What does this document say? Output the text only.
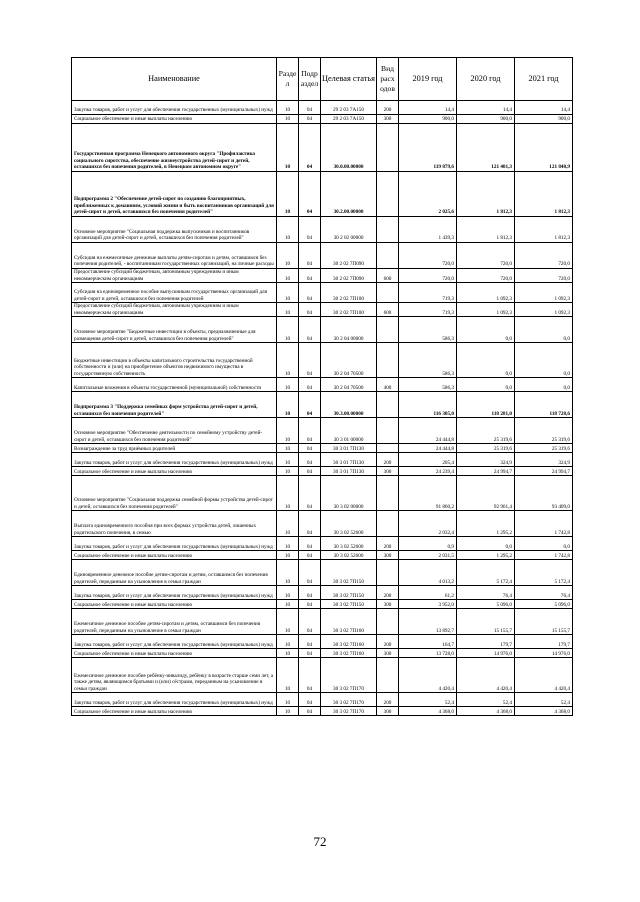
Наименование	Разде л	Подр аздел	Целевая статья	Вид расх одов	2019 год	2020 год	2021 год
Закупка товаров, работ и услуг для обеспечения государственных (муниципальных) нужд	10	04	29 2 03 7А150	200	14,4	14,4	14,4
Социальное обеспечение и иные выплаты населению	10	04	29 2 03 7А150	300	900,0	900,0	900,0
Государственная программа Ненецкого автономного округа "Профилактика социального сиротства, обеспечение жизнеустройства детей-сирот и детей, оставшихся без попечения родителей, в Ненецком автономном округе"	10	04	30.0.00.00000		119 879,6	121 401,3	121 848,9
Подпрограмма 2 "Обеспечение детей-сирот по созданию благоприятных, приближенных к домашним, условий жизни и быть воспитанников организаций для детей-сирот и детей, оставшихся без попечения родителей"	10	04	30.2.00.00000		2 025,6	1 812,3	1 812,3
Основное мероприятие "Социальная поддержка выпускников и воспитанников организаций для детей-сирот и детей, оставшихся без попечения родителей"	10	04	30 2 02 00000		1 439,3	1 812,3	1 812,3
Субсидия на ежемесячные денежные выплаты детям-сиротам и детям, оставшимся без попечения родителей, - воспитанникам государственных организаций, на личные расходы	10	04	30 2 02 7П090		720,0	720,0	720,0
Предоставление субсидий бюджетным, автономным учреждениям и иным некоммерческим организациям	10	04	30 2 02 7П090	600	720,0	720,0	720,0
Субсидия на единовременное пособие выпускникам государственных организаций для детей-сирот и детей, оставшихся без попечения родителей	10	04	30 2 02 7П100		719,3	1 092,3	1 092,3
Предоставление субсидий бюджетным, автономным учреждениям и иным некоммерческим организациям	10	04	30 2 02 7П100	600	719,3	1 092,3	1 092,3
Основное мероприятие "Бюджетные инвестиции в объекты, предназначенные для размещения детей-сирот и детей, оставшихся без попечения родителей"	10	04	30 2 04 00000		586,3	0,0	0,0
Бюджетные инвестиции в объекты капитального строительства государственной собственности и (или) на приобретение объектов недвижимого имущества в государственную собственность	10	04	30 2 04 70500		586,3	0,0	0,0
Капитальные вложения в объекты государственной (муниципальной) собственности	10	04	30 2 04 70500	400	586,3	0,0	0,0
Подпрограмма 3 "Поддержка семейных форм устройства детей-сирот и детей, оставшихся без попечения родителей"	10	04	30.3.00.00000		116 305,0	118 281,0	118 728,6
Основное мероприятие "Обеспечение деятельности по семейному устройству детей-сирот и детей, оставшихся без попечения родителей"	10	04	30 3 01 00000		24 444,8	25 319,6	25 319,6
Вознаграждение за труд приёмных родителей	10	04	30 3 01 7П130		24 444,8	25 319,6	25 319,6
Закупка товаров, работ и услуг для обеспечения государственных (муниципальных) нужд	10	04	30 3 01 7П130	200	205,4	324,9	324,9
Социальное обеспечение и иные выплаты населению	10	04	30 3 01 7П130	300	24 239,4	24 994,7	24 994,7
Основное мероприятие "Социальная поддержка семейной формы устройства детей-сирот и детей, оставшихся без попечения родителей"	10	04	30 3 02 00000		91 860,2	92 961,4	93 409,0
Выплата единовременного пособия при всех формах устройства детей, лишенных родительского попечения, в семью	10	04	30 3 02 52600		2 032,4	1 295,2	1 742,8
Закупка товаров, работ и услуг для обеспечения государственных (муниципальных) нужд	10	04	30 3 02 52600	200	0,9	0,0	0,0
Социальное обеспечение и иные выплаты населению	10	04	30 3 02 52600	300	2 031,5	1 295,2	1 742,8
Единовременное денежное пособие детям-сиротам и детям, оставшимся без попечения родителей, переданным на усыновление в семьи граждан	10	04	30 3 02 7П150		4 013,2	5 172,4	5 172,4
Закупка товаров, работ и услуг для обеспечения государственных (муниципальных) нужд	10	04	30 3 02 7П150	200	61,2	76,4	76,4
Социальное обеспечение и иные выплаты населению	10	04	30 3 02 7П150	300	3 952,0	5 096,0	5 096,0
Ежемесячное денежное пособие детям-сиротам и детям, оставшимся без попечения родителей, переданным на усыновление в семьи граждан	10	04	30 3 02 7П160		13 892,7	15 155,7	15 155,7
Закупка товаров, работ и услуг для обеспечения государственных (муниципальных) нужд	10	04	30 3 02 7П160	200	164,7	179,7	179,7
Социальное обеспечение и иные выплаты населению	10	04	30 3 02 7П160	300	13 728,0	14 976,0	14 976,0
Ежемесячное денежное пособие ребёнку-инвалиду, ребёнку в возрасте старше семи лет, а также детям, являющимся братьями и (или) сёстрами, переданным на усыновление в семьи граждан	10	04	30 3 02 7П170		4 420,4	4 420,4	4 420,4
Закупка товаров, работ и услуг для обеспечения государственных (муниципальных) нужд	10	04	30 3 02 7П170	200	52,4	52,4	52,4
Социальное обеспечение и иные выплаты населению	10	04	30 3 02 7П170	300	4 368,0	4 368,0	4 368,0
72
